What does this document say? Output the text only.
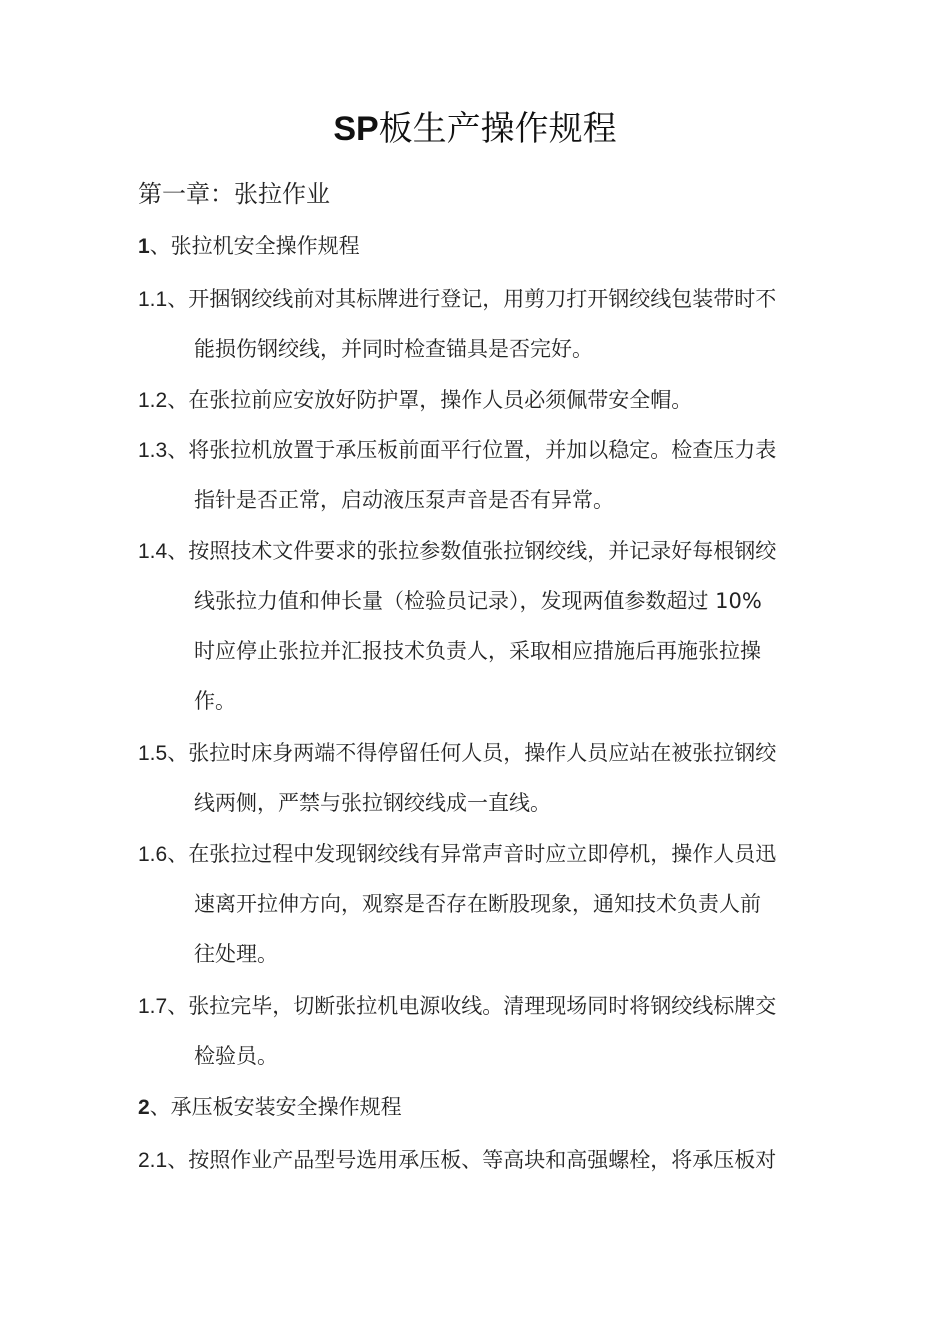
SP板生产操作规程
第一章：张拉作业
1、张拉机安全操作规程
1.1、开捆钢绞线前对其标牌进行登记，用剪刀打开钢绞线包装带时不
能损伤钢绞线，并同时检查锚具是否完好。
1.2、在张拉前应安放好防护罩，操作人员必须佩带安全帽。
1.3、将张拉机放置于承压板前面平行位置，并加以稳定。检查压力表
指针是否正常，启动液压泵声音是否有异常。
1.4、按照技术文件要求的张拉参数值张拉钢绞线，并记录好每根钢绞
线张拉力值和伸长量（检验员记录），发现两值参数超过 10%
时应停止张拉并汇报技术负责人，采取相应措施后再施张拉操
作。
1.5、张拉时床身两端不得停留任何人员，操作人员应站在被张拉钢绞
线两侧，严禁与张拉钢绞线成一直线。
1.6、在张拉过程中发现钢绞线有异常声音时应立即停机，操作人员迅
速离开拉伸方向，观察是否存在断股现象，通知技术负责人前
往处理。
1.7、张拉完毕，切断张拉机电源收线。清理现场同时将钢绞线标牌交
检验员。
2、承压板安装安全操作规程
2.1、按照作业产品型号选用承压板、等高块和高强螺栓，将承压板对
